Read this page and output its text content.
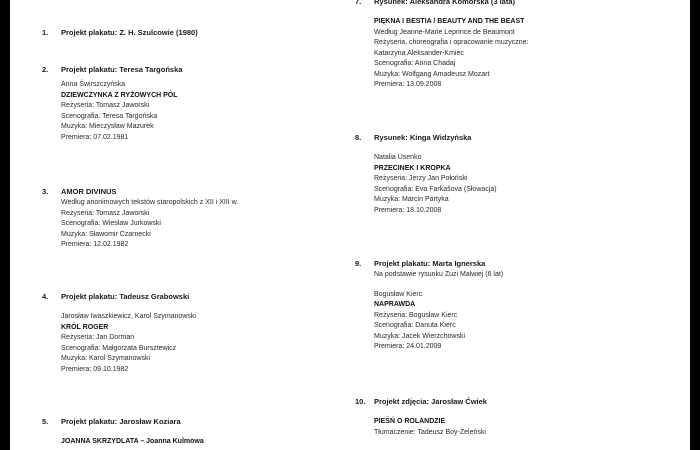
1. Projekt plakatu: Z. H. Szulcowie (1980)
2. Projekt plakatu: Teresa Targońska
Anna Świrszczyńska
DZIEWCZYNKA Z RYŻOWYCH PÓL
Reżyseria: Tomasz Jaworski
Scenografia: Teresa Targońska
Muzyka: Mieczysław Mazurek
Premiera: 07.02.1981
3. AMOR DIVINUS
Według anonimowych tekstów staropolskich z XII i XIII w.
Reżyseria: Tomasz Jaworski
Scenografia: Wiesław Jurkowski
Muzyka: Sławomir Czarnecki
Premiera: 12.02.1982
4. Projekt plakatu: Tadeusz Grabowski
Jarosław Iwaszkiewicz, Karol Szymanowski
KRÓL ROGER
Reżyseria: Jan Dorman
Scenografia: Małgorzata Bursztewicz
Muzyka: Karol Szymanowski
Premiera: 09.10.1982
5. Projekt plakatu: Jarosław Koziara
JOANNA SKRZYDLATA – Joanna Kulmowa
7. Rysunek: Aleksandra Komorska (3 lata)
PIĘKNA I BESTIA / BEAUTY AND THE BEAST
Według Jeanne-Marie Leprince de Beaumont
Reżyseria, choreografia i opracowanie muzyczne:
Katarzyna Aleksander-Kmiec
Scenografia: Anna Chadaj
Muzyka: Wolfgang Amadeusz Mozart
Premiera: 13.09.2008
8. Rysunek: Kinga Widzyńska
Natalia Usenko
PRZECINEK I KROPKA
Reżyseria: Jerzy Jan Połoński
Scenografia: Eva Farkašova (Słowacja)
Muzyka: Marcin Partyka
Premiera: 18.10.2008
9. Projekt plakatu: Marta Ignerska
Na podstawie rysunku Zuzi Malwiej (6 lat)
Bogusław Kierc
NAPRAWDA
Reżyseria: Bogusław Kierc
Scenografia: Danuta Kierc
Muzyka: Jacek Wierzchowski
Premiera: 24.01.2009
10. Projekt zdjęcia: Jarosław Ćwiek
PIEŚŃ O ROLANDZIE
Tłumaczenie: Tadeusz Boy-Żeleński
